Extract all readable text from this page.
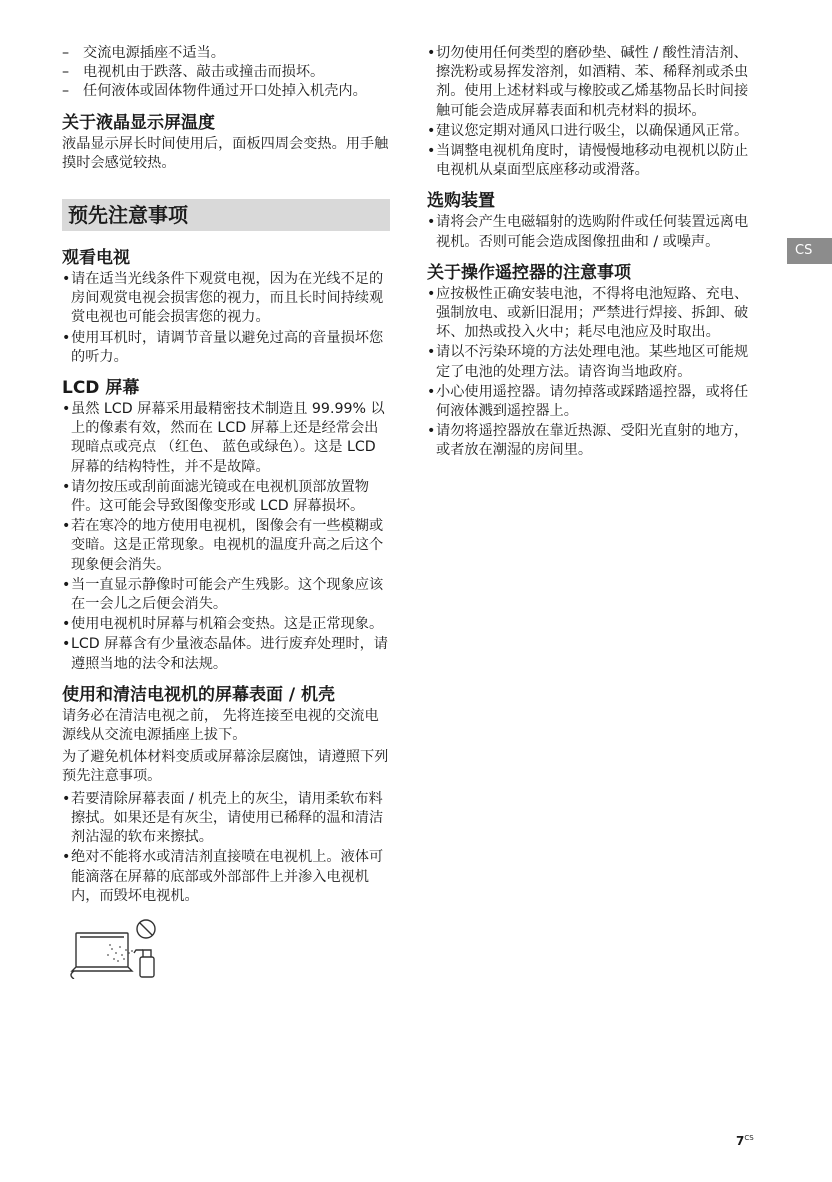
– 交流电源插座不适当。
– 电视机由于跌落、敲击或撞击而损坏。
– 任何液体或固体物件通过开口处掉入机壳内。
关于液晶显示屏温度

液晶显示屏长时间使用后，面板四周会变热。用手触摸时会感觉较热。

预先注意事项
观看电视
• 请在适当光线条件下观赏电视，因为在光线不足的房间观赏电视会损害您的视力，而且长时间持续观赏电视也可能会损害您的视力。
• 使用耳机时，请调节音量以避免过高的音量损坏您的听力。
LCD 屏幕
• 虽然 LCD 屏幕采用最精密技术制造且 99.99% 以上的像素有效，然而在 LCD 屏幕上还是经常会出现暗点或亮点 （红色、 蓝色或绿色）。这是 LCD 屏幕的结构特性，并不是故障。
• 请勿按压或刮前面滤光镜或在电视机顶部放置物件。这可能会导致图像变形或 LCD 屏幕损坏。
• 若在寒冷的地方使用电视机，图像会有一些模糊或变暗。这是正常现象。电视机的温度升高之后这个现象便会消失。
• 当一直显示静像时可能会产生残影。这个现象应该在一会儿之后便会消失。
• 使用电视机时屏幕与机箱会变热。这是正常现象。
• LCD 屏幕含有少量液态晶体。进行废弃处理时，请遵照当地的法令和法规。
使用和清洁电视机的屏幕表面 / 机壳

请务必在清洁电视之前， 先将连接至电视的交流电源线从交流电源插座上拔下。

为了避免机体材料变质或屏幕涂层腐蚀，请遵照下列预先注意事项。

• 若要清除屏幕表面 / 机壳上的灰尘，请用柔软布料擦拭。如果还是有灰尘，请使用已稀释的温和清洁剂沾湿的软布来擦拭。
• 绝对不能将水或清洁剂直接喷在电视机上。液体可能滴落在屏幕的底部或外部部件上并渗入电视机内，而毁坏电视机。
• 切勿使用任何类型的磨砂垫、碱性 / 酸性清洁剂、擦洗粉或易挥发溶剂，如酒精、苯、稀释剂或杀虫剂。使用上述材料或与橡胶或乙烯基物品长时间接触可能会造成屏幕表面和机壳材料的损坏。
• 建议您定期对通风口进行吸尘，以确保通风正常。
• 当调整电视机角度时，请慢慢地移动电视机以防止电视机从桌面型底座移动或滑落。
选购装置
• 请将会产生电磁辐射的选购附件或任何装置远离电视机。否则可能会造成图像扭曲和 / 或噪声。
关于操作遥控器的注意事项
• 应按极性正确安装电池，不得将电池短路、充电、强制放电、或新旧混用；严禁进行焊接、拆卸、破坏、加热或投入火中；耗尽电池应及时取出。
• 请以不污染环境的方法处理电池。某些地区可能规定了电池的处理方法。请咨询当地政府。
• 小心使用遥控器。请勿掉落或踩踏遥控器，或将任何液体溅到遥控器上。
• 请勿将遥控器放在靠近热源、受阳光直射的地方，或者放在潮湿的房间里。
CS
$7^{CS}$
